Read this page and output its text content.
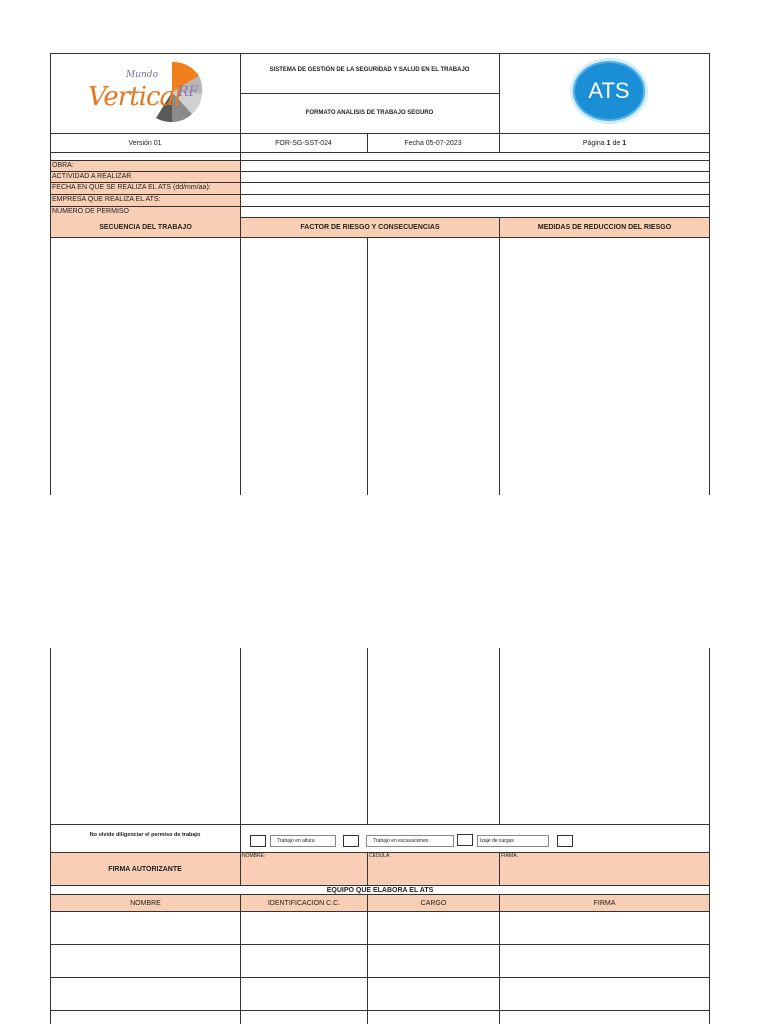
Mundo
Vertical
RF
SISTEMA DE GESTIÓN DE LA SEGURIDAD Y SALUD EN EL TRABAJO
FORMATO ANALISIS DE TRABAJO SEGURO
ATS
Versión 01	FOR-SG-SST-024	Fecha 05-07-2023	Página
1
de
1
OBRA:
ACTIVIDAD A REALIZAR
FECHA EN QUE SE REALIZA EL ATS (dd/mm/aa):
EMPRESA QUE REALIZA EL ATS:
NUMERO DE PERMISO
SECUENCIA DEL TRABAJO	FACTOR DE RIESGO Y CONSECUENCIAS	MEDIDAS DE REDUCCION DEL RIESGO
No olvide diligenciar el permiso de trabajo
Trabajo en altura	Trabajo en excavaciones	Izaje de cargas
FIRMA AUTORIZANTE
NOMBRE:	CEDULA:	FIRMA:
EQUIPO QUE ELABORA EL ATS
NOMBRE	IDENTIFICACION C.C.	CARGO	FIRMA
